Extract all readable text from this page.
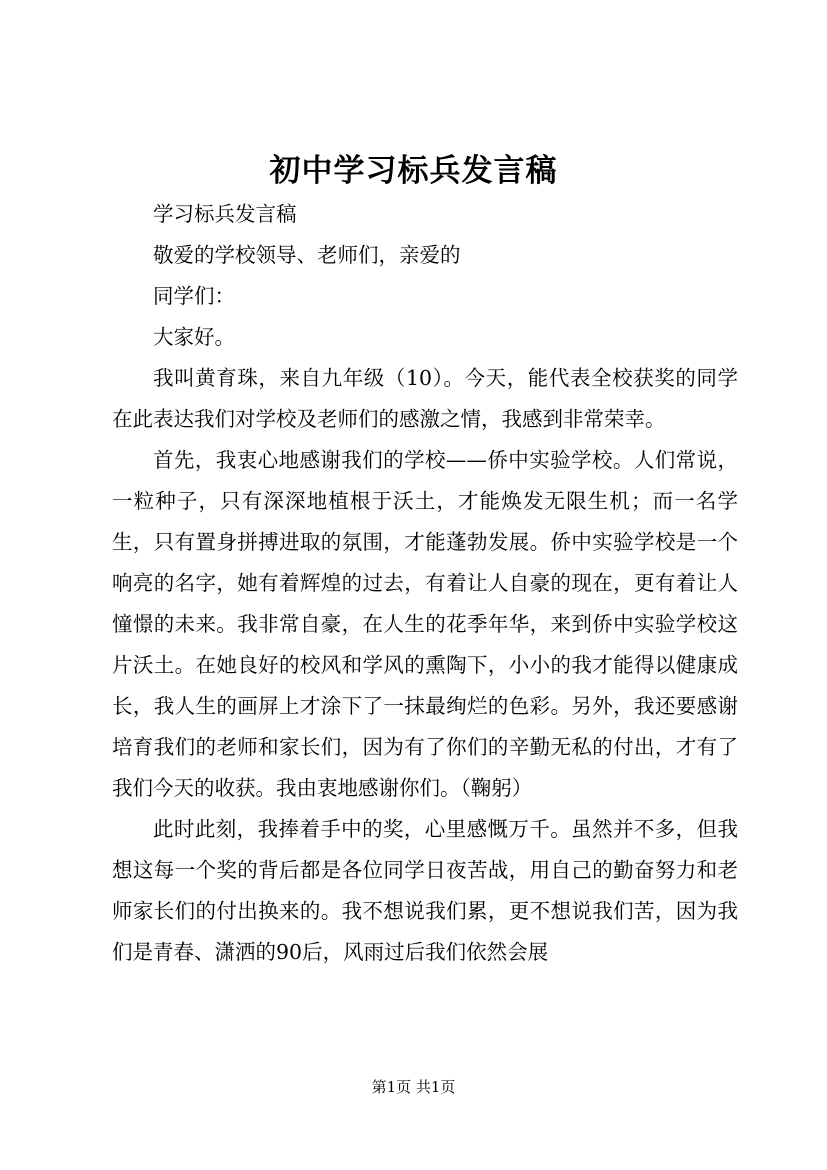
初中学习标兵发言稿

学习标兵发言稿

敬爱的学校领导、老师们，亲爱的

同学们：

大家好。

我叫黄育珠，来自九年级（10）。今天，能代表全校获奖的同学在此表达我们对学校及老师们的感激之情，我感到非常荣幸。

首先，我衷心地感谢我们的学校——侨中实验学校。人们常说，一粒种子，只有深深地植根于沃土，才能焕发无限生机；而一名学生，只有置身拼搏进取的氛围，才能蓬勃发展。侨中实验学校是一个响亮的名字，她有着辉煌的过去，有着让人自豪的现在，更有着让人憧憬的未来。我非常自豪，在人生的花季年华，来到侨中实验学校这片沃土。在她良好的校风和学风的熏陶下，小小的我才能得以健康成长，我人生的画屏上才涂下了一抹最绚烂的色彩。另外，我还要感谢培育我们的老师和家长们，因为有了你们的辛勤无私的付出，才有了我们今天的收获。我由衷地感谢你们。（鞠躬）

此时此刻，我捧着手中的奖，心里感慨万千。虽然并不多，但我想这每一个奖的背后都是各位同学日夜苦战，用自己的勤奋努力和老师家长们的付出换来的。我不想说我们累，更不想说我们苦，因为我们是青春、潇洒的90后，风雨过后我们依然会展

第1页 共1页
